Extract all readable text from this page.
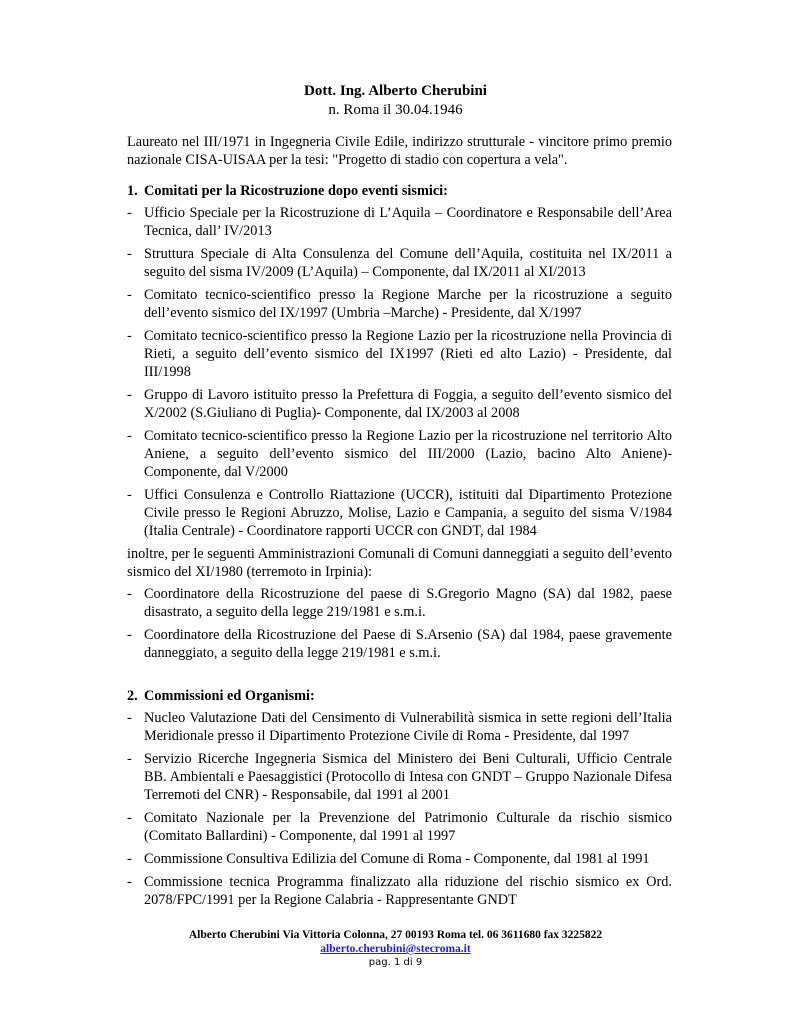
Dott. Ing. Alberto Cherubini
n. Roma il 30.04.1946

Laureato nel III/1971 in Ingegneria Civile Edile, indirizzo strutturale - vincitore primo premio nazionale CISA-UISAA per la tesi: "Progetto di stadio con copertura a vela".

1. Comitati per la Ricostruzione dopo eventi sismici:
- Ufficio Speciale per la Ricostruzione di L’Aquila – Coordinatore e Responsabile dell’Area Tecnica, dall’ IV/2013
- Struttura Speciale di Alta Consulenza del Comune dell’Aquila, costituita nel IX/2011 a seguito del sisma IV/2009 (L’Aquila) – Componente, dal IX/2011 al XI/2013
- Comitato tecnico-scientifico presso la Regione Marche per la ricostruzione a seguito dell’evento sismico del IX/1997 (Umbria –Marche) - Presidente, dal X/1997
- Comitato tecnico-scientifico presso la Regione Lazio per la ricostruzione nella Provincia di Rieti, a seguito dell’evento sismico del IX1997 (Rieti ed alto Lazio) - Presidente, dal III/1998
- Gruppo di Lavoro istituito presso la Prefettura di Foggia, a seguito dell’evento sismico del X/2002 (S.Giuliano di Puglia)- Componente, dal IX/2003 al 2008
- Comitato tecnico-scientifico presso la Regione Lazio per la ricostruzione nel territorio Alto Aniene, a seguito dell’evento sismico del III/2000 (Lazio, bacino Alto Aniene)- Componente, dal V/2000
- Uffici Consulenza e Controllo Riattazione (UCCR), istituiti dal Dipartimento Protezione Civile presso le Regioni Abruzzo, Molise, Lazio e Campania, a seguito del sisma V/1984 (Italia Centrale) - Coordinatore rapporti UCCR con GNDT, dal 1984

inoltre, per le seguenti Amministrazioni Comunali di Comuni danneggiati a seguito dell’evento sismico del XI/1980 (terremoto in Irpinia):

- Coordinatore della Ricostruzione del paese di S.Gregorio Magno (SA) dal 1982, paese disastrato, a seguito della legge 219/1981 e s.m.i.
- Coordinatore della Ricostruzione del Paese di S.Arsenio (SA) dal 1984, paese gravemente danneggiato, a seguito della legge 219/1981 e s.m.i.
2. Commissioni ed Organismi:
- Nucleo Valutazione Dati del Censimento di Vulnerabilità sismica in sette regioni dell’Italia Meridionale presso il Dipartimento Protezione Civile di Roma - Presidente, dal 1997
- Servizio Ricerche Ingegneria Sismica del Ministero dei Beni Culturali, Ufficio Centrale BB. Ambientali e Paesaggistici (Protocollo di Intesa con GNDT – Gruppo Nazionale Difesa Terremoti del CNR) - Responsabile, dal 1991 al 2001
- Comitato Nazionale per la Prevenzione del Patrimonio Culturale da rischio sismico (Comitato Ballardini) - Componente, dal 1991 al 1997
- Commissione Consultiva Edilizia del Comune di Roma - Componente, dal 1981 al 1991
- Commissione tecnica Programma finalizzato alla riduzione del rischio sismico ex Ord. 2078/FPC/1991 per la Regione Calabria - Rappresentante GNDT
Alberto Cherubini Via Vittoria Colonna, 27 00193 Roma tel. 06 3611680 fax 3225822
alberto.cherubini@stecroma.it
pag. 1 di 9
